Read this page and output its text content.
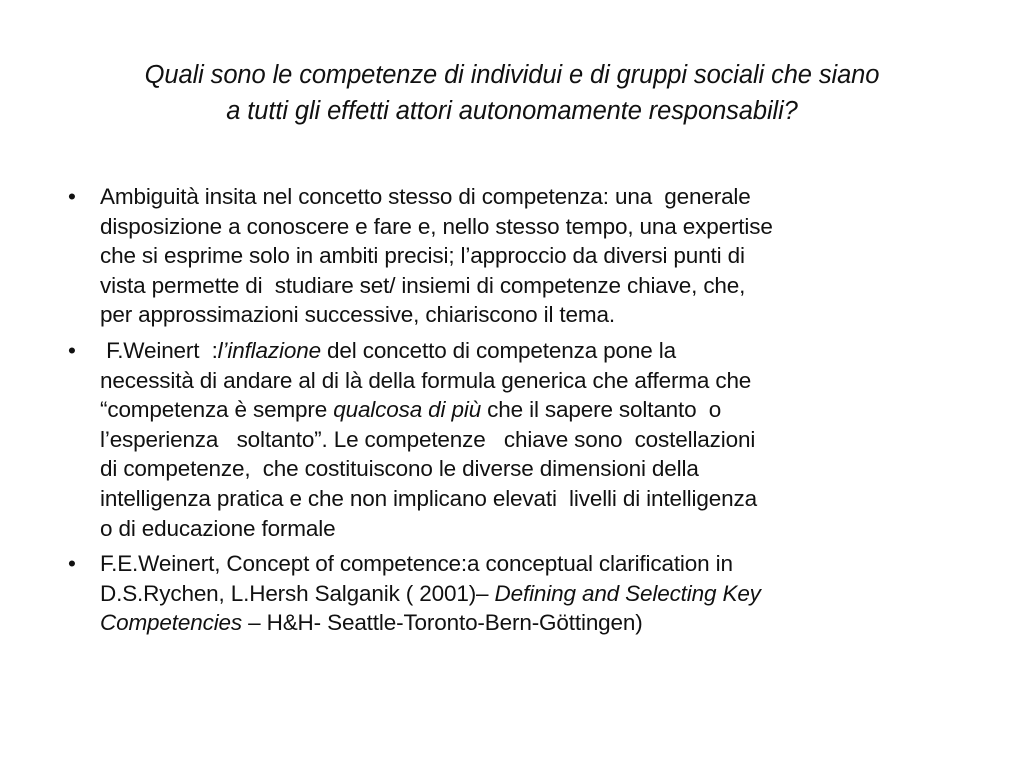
Quali sono le competenze di individui e di gruppi sociali che siano
a tutti gli effetti attori autonomamente responsabili?
• Ambiguità insita nel concetto stesso di competenza: una  generale
disposizione a conoscere e fare e, nello stesso tempo, una expertise
che si esprime solo in ambiti precisi; l’approccio da diversi punti di
vista permette di  studiare set/ insiemi di competenze chiave, che,
per approssimazioni successive, chiariscono il tema.
• F.Weinert  :l’inflazione del concetto di competenza pone la
necessità di andare al di là della formula generica che afferma che
“competenza è sempre qualcosa di più che il sapere soltanto  o
l’esperienza   soltanto”. Le competenze   chiave sono  costellazioni
di competenze,  che costituiscono le diverse dimensioni della
intelligenza pratica e che non implicano elevati  livelli di intelligenza
o di educazione formale
• F.E.Weinert, Concept of competence:a conceptual clarification in
D.S.Rychen, L.Hersh Salganik ( 2001)– Defining and Selecting Key
Competencies – H&H- Seattle-Toronto-Bern-Göttingen)
